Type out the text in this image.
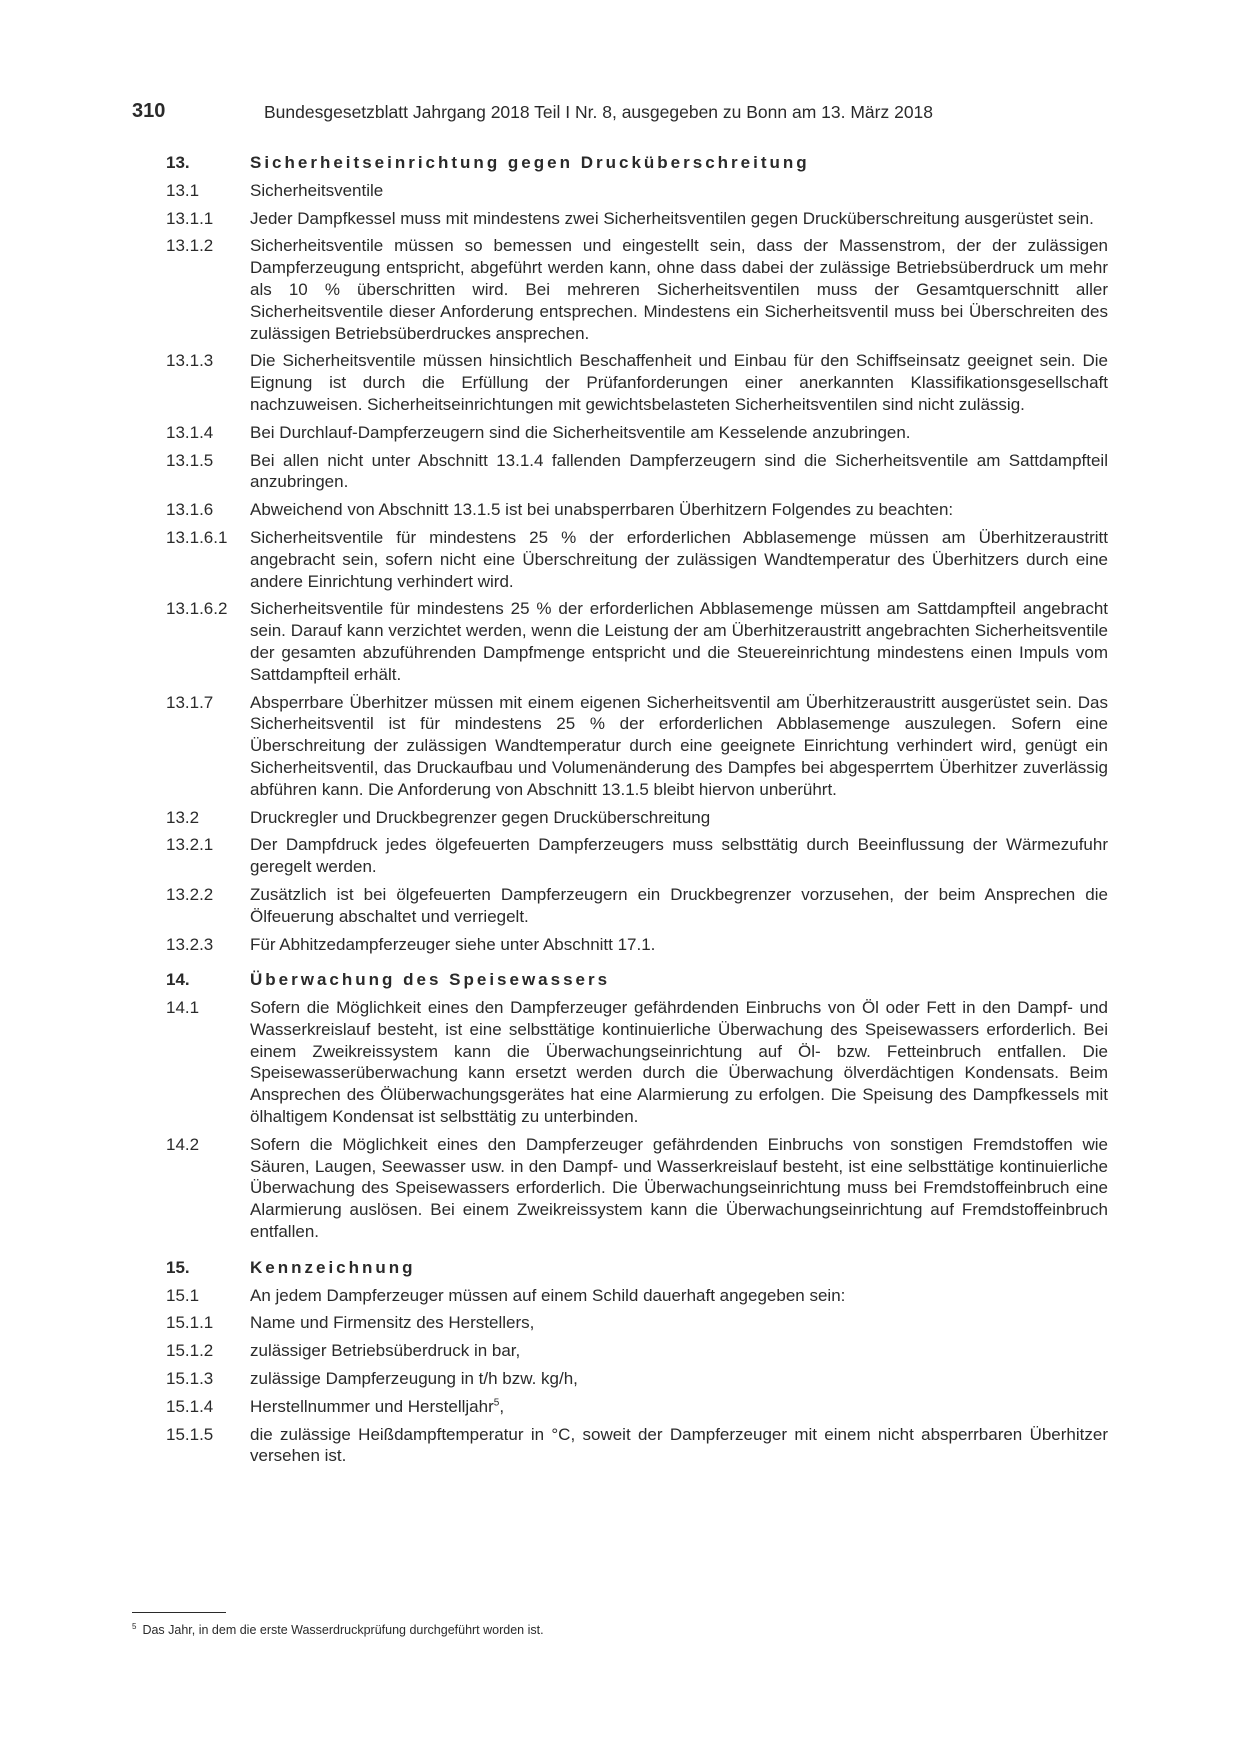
310	Bundesgesetzblatt Jahrgang 2018 Teil I Nr. 8, ausgegeben zu Bonn am 13. März 2018
13.	Sicherheitseinrichtung gegen Drucküberschreitung
13.1	Sicherheitsventile
13.1.1	Jeder Dampfkessel muss mit mindestens zwei Sicherheitsventilen gegen Drucküberschreitung ausgerüstet sein.
13.1.2	Sicherheitsventile müssen so bemessen und eingestellt sein, dass der Massenstrom, der der zulässigen Dampferzeugung entspricht, abgeführt werden kann, ohne dass dabei der zulässige Betriebsüberdruck um mehr als 10 % überschritten wird. Bei mehreren Sicherheitsventilen muss der Gesamtquerschnitt aller Sicherheitsventile dieser Anforderung entsprechen. Mindestens ein Sicherheitsventil muss bei Überschreiten des zulässigen Betriebsüberdruckes ansprechen.
13.1.3	Die Sicherheitsventile müssen hinsichtlich Beschaffenheit und Einbau für den Schiffseinsatz geeignet sein. Die Eignung ist durch die Erfüllung der Prüfanforderungen einer anerkannten Klassifikationsgesellschaft nachzuweisen. Sicherheitseinrichtungen mit gewichtsbelasteten Sicherheitsventilen sind nicht zulässig.
13.1.4	Bei Durchlauf-Dampferzeugern sind die Sicherheitsventile am Kesselende anzubringen.
13.1.5	Bei allen nicht unter Abschnitt 13.1.4 fallenden Dampferzeugern sind die Sicherheitsventile am Sattdampfteil anzubringen.
13.1.6	Abweichend von Abschnitt 13.1.5 ist bei unabsperrbaren Überhitzern Folgendes zu beachten:
13.1.6.1	Sicherheitsventile für mindestens 25 % der erforderlichen Abblasemenge müssen am Überhitzeraustritt angebracht sein, sofern nicht eine Überschreitung der zulässigen Wandtemperatur des Überhitzers durch eine andere Einrichtung verhindert wird.
13.1.6.2	Sicherheitsventile für mindestens 25 % der erforderlichen Abblasemenge müssen am Sattdampfteil angebracht sein. Darauf kann verzichtet werden, wenn die Leistung der am Überhitzeraustritt angebrachten Sicherheitsventile der gesamten abzuführenden Dampfmenge entspricht und die Steuereinrichtung mindestens einen Impuls vom Sattdampfteil erhält.
13.1.7	Absperrbare Überhitzer müssen mit einem eigenen Sicherheitsventil am Überhitzeraustritt ausgerüstet sein. Das Sicherheitsventil ist für mindestens 25 % der erforderlichen Abblasemenge auszulegen. Sofern eine Überschreitung der zulässigen Wandtemperatur durch eine geeignete Einrichtung verhindert wird, genügt ein Sicherheitsventil, das Druckaufbau und Volumenänderung des Dampfes bei abgesperrtem Überhitzer zuverlässig abführen kann. Die Anforderung von Abschnitt 13.1.5 bleibt hiervon unberührt.
13.2	Druckregler und Druckbegrenzer gegen Drucküberschreitung
13.2.1	Der Dampfdruck jedes ölgefeuerten Dampferzeugers muss selbsttätig durch Beeinflussung der Wärmezufuhr geregelt werden.
13.2.2	Zusätzlich ist bei ölgefeuerten Dampferzeugern ein Druckbegrenzer vorzusehen, der beim Ansprechen die Ölfeuerung abschaltet und verriegelt.
13.2.3	Für Abhitzedampferzeuger siehe unter Abschnitt 17.1.
14.	Überwachung des Speisewassers
14.1	Sofern die Möglichkeit eines den Dampferzeuger gefährdenden Einbruchs von Öl oder Fett in den Dampf- und Wasserkreislauf besteht, ist eine selbsttätige kontinuierliche Überwachung des Speisewassers erforderlich. Bei einem Zweikreissystem kann die Überwachungseinrichtung auf Öl- bzw. Fetteinbruch entfallen. Die Speisewasserüberwachung kann ersetzt werden durch die Überwachung ölverdächtigen Kondensats. Beim Ansprechen des Ölüberwachungsgerätes hat eine Alarmierung zu erfolgen. Die Speisung des Dampfkessels mit ölhaltigem Kondensat ist selbsttätig zu unterbinden.
14.2	Sofern die Möglichkeit eines den Dampferzeuger gefährdenden Einbruchs von sonstigen Fremdstoffen wie Säuren, Laugen, Seewasser usw. in den Dampf- und Wasserkreislauf besteht, ist eine selbsttätige kontinuierliche Überwachung des Speisewassers erforderlich. Die Überwachungseinrichtung muss bei Fremdstoffeinbruch eine Alarmierung auslösen. Bei einem Zweikreissystem kann die Überwachungseinrichtung auf Fremdstoffeinbruch entfallen.
15.	Kennzeichnung
15.1	An jedem Dampferzeuger müssen auf einem Schild dauerhaft angegeben sein:
15.1.1	Name und Firmensitz des Herstellers,
15.1.2	zulässiger Betriebsüberdruck in bar,
15.1.3	zulässige Dampferzeugung in t/h bzw. kg/h,
15.1.4	Herstellnummer und Herstelljahr$^5$,
15.1.5	die zulässige Heißdampftemperatur in °C, soweit der Dampferzeuger mit einem nicht absperrbaren Überhitzer versehen ist.
$^5$ Das Jahr, in dem die erste Wasserdruckprüfung durchgeführt worden ist.
